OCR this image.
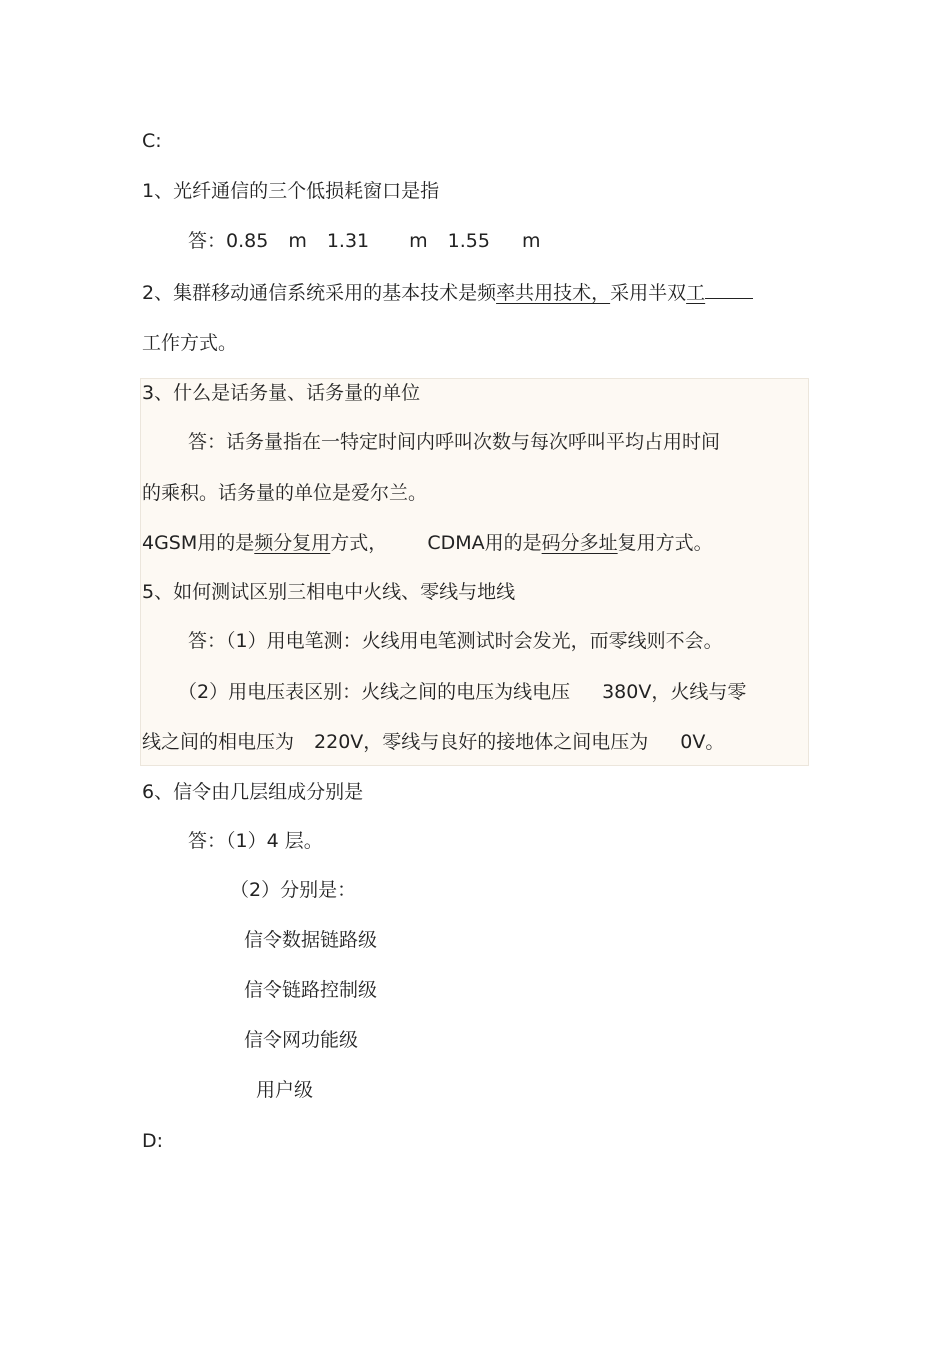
C:
1、光纤通信的三个低损耗窗口是指
答：0.85 m 1.31 m 1.55 m
2、集群移动通信系统采用的基本技术是频率共用技术，采用半双工
工作方式。
3、什么是话务量、话务量的单位
答：话务量指在一特定时间内呼叫次数与每次呼叫平均占用时间
的乘积。话务量的单位是爱尔兰。
4GSM用的是频分复用方式， CDMA用的是码分多址复用方式。
5、如何测试区别三相电中火线、零线与地线
答：（1）用电笔测：火线用电笔测试时会发光，而零线则不会。
（2）用电压表区别：火线之间的电压为线电压 380V，火线与零
线之间的相电压为 220V，零线与良好的接地体之间电压为 0V。
6、信令由几层组成分别是
答：（1）4 层。
（2）分别是：
信令数据链路级
信令链路控制级
信令网功能级
用户级
D:
